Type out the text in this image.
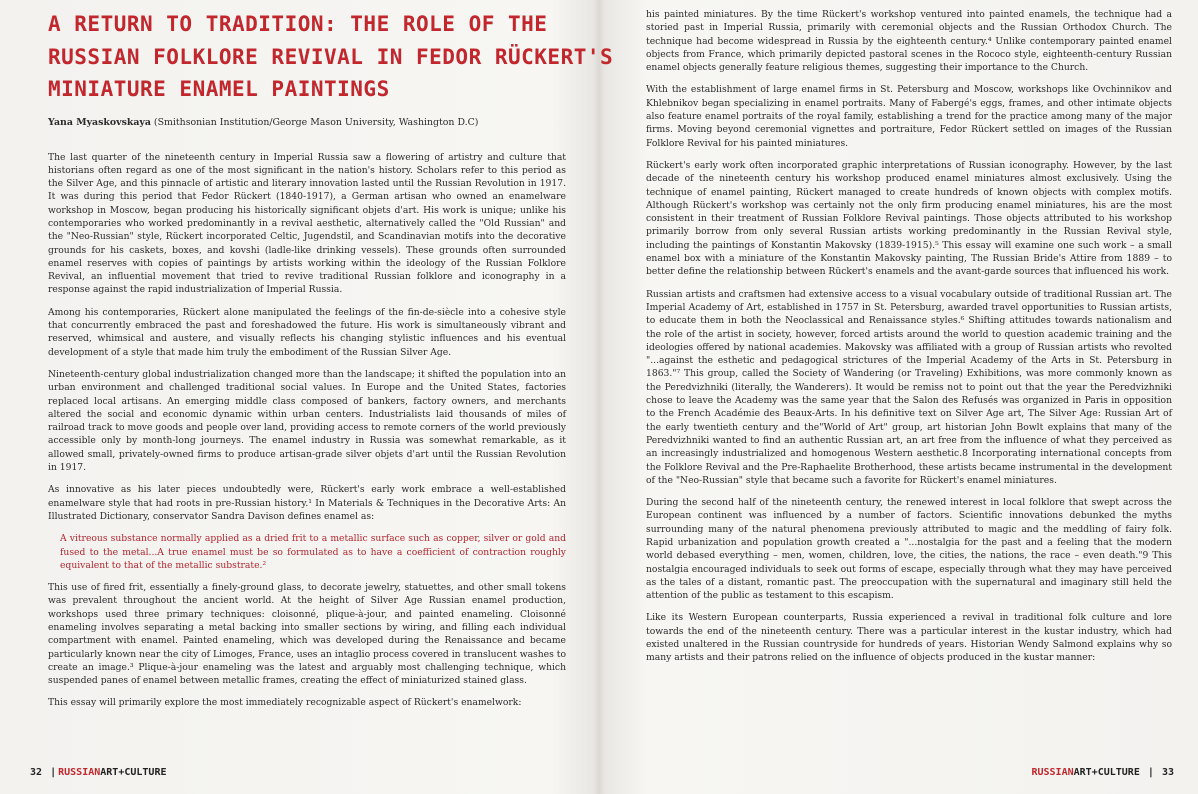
A RETURN TO TRADITION: THE ROLE OF THE
RUSSIAN FOLKLORE REVIVAL IN FEDOR RÜCKERT'S
MINIATURE ENAMEL PAINTINGS
Yana Myaskovskaya (Smithsonian Institution/George Mason University, Washington D.C)

The last quarter of the nineteenth century in Imperial Russia saw a flowering of artistry and culture that historians often regard as one of the most significant in the nation's history. Scholars refer to this period as the Silver Age, and this pinnacle of artistic and literary innovation lasted until the Russian Revolution in 1917. It was during this period that Fedor Rückert (1840-1917), a German artisan who owned an enamelware workshop in Moscow, began producing his historically significant objets d'art. His work is unique; unlike his contemporaries who worked predominantly in a revival aesthetic, alternatively called the "Old Russian" and the "Neo-Russian" style, Rückert incorporated Celtic, Jugendstil, and Scandinavian motifs into the decorative grounds for his caskets, boxes, and kovshi (ladle-like drinking vessels). These grounds often surrounded enamel reserves with copies of paintings by artists working within the ideology of the Russian Folklore Revival, an influential movement that tried to revive traditional Russian folklore and iconography in a response against the rapid industrialization of Imperial Russia.

Among his contemporaries, Rückert alone manipulated the feelings of the fin-de-siècle into a cohesive style that concurrently embraced the past and foreshadowed the future. His work is simultaneously vibrant and reserved, whimsical and austere, and visually reflects his changing stylistic influences and his eventual development of a style that made him truly the embodiment of the Russian Silver Age.

Nineteenth-century global industrialization changed more than the landscape; it shifted the population into an urban environment and challenged traditional social values. In Europe and the United States, factories replaced local artisans. An emerging middle class composed of bankers, factory owners, and merchants altered the social and economic dynamic within urban centers. Industrialists laid thousands of miles of railroad track to move goods and people over land, providing access to remote corners of the world previously accessible only by month-long journeys. The enamel industry in Russia was somewhat remarkable, as it allowed small, privately-owned firms to produce artisan-grade silver objets d'art until the Russian Revolution in 1917.

As innovative as his later pieces undoubtedly were, Rückert's early work embrace a well-established enamelware style that had roots in pre-Russian history.¹ In Materials & Techniques in the Decorative Arts: An Illustrated Dictionary, conservator Sandra Davison defines enamel as:

A vitreous substance normally applied as a dried frit to a metallic surface such as copper, silver or gold and fused to the metal...A true enamel must be so formulated as to have a coefficient of contraction roughly equivalent to that of the metallic substrate.²

This use of fired frit, essentially a finely-ground glass, to decorate jewelry, statuettes, and other small tokens was prevalent throughout the ancient world. At the height of Silver Age Russian enamel production, workshops used three primary techniques: cloisonné, plique-à-jour, and painted enameling. Cloisonné enameling involves separating a metal backing into smaller sections by wiring, and filling each individual compartment with enamel. Painted enameling, which was developed during the Renaissance and became particularly known near the city of Limoges, France, uses an intaglio process covered in translucent washes to create an image.³ Plique-à-jour enameling was the latest and arguably most challenging technique, which suspended panes of enamel between metallic frames, creating the effect of miniaturized stained glass.

This essay will primarily explore the most immediately recognizable aspect of Rückert's enamelwork:

32 | RUSSIANART+CULTURE

his painted miniatures. By the time Rückert's workshop ventured into painted enamels, the technique had a storied past in Imperial Russia, primarily with ceremonial objects and the Russian Orthodox Church. The technique had become widespread in Russia by the eighteenth century.⁴ Unlike contemporary painted enamel objects from France, which primarily depicted pastoral scenes in the Rococo style, eighteenth-century Russian enamel objects generally feature religious themes, suggesting their importance to the Church.

With the establishment of large enamel firms in St. Petersburg and Moscow, workshops like Ovchinnikov and Khlebnikov began specializing in enamel portraits. Many of Fabergé's eggs, frames, and other intimate objects also feature enamel portraits of the royal family, establishing a trend for the practice among many of the major firms. Moving beyond ceremonial vignettes and portraiture, Fedor Rückert settled on images of the Russian Folklore Revival for his painted miniatures.

Rückert's early work often incorporated graphic interpretations of Russian iconography. However, by the last decade of the nineteenth century his workshop produced enamel miniatures almost exclusively. Using the technique of enamel painting, Rückert managed to create hundreds of known objects with complex motifs. Although Rückert's workshop was certainly not the only firm producing enamel miniatures, his are the most consistent in their treatment of Russian Folklore Revival paintings. Those objects attributed to his workshop primarily borrow from only several Russian artists working predominantly in the Russian Revival style, including the paintings of Konstantin Makovsky (1839-1915).⁵ This essay will examine one such work – a small enamel box with a miniature of the Konstantin Makovsky painting, The Russian Bride's Attire from 1889 – to better define the relationship between Rückert's enamels and the avant-garde sources that influenced his work.

Russian artists and craftsmen had extensive access to a visual vocabulary outside of traditional Russian art. The Imperial Academy of Art, established in 1757 in St. Petersburg, awarded travel opportunities to Russian artists, to educate them in both the Neoclassical and Renaissance styles.⁶ Shifting attitudes towards nationalism and the role of the artist in society, however, forced artists around the world to question academic training and the ideologies offered by national academies. Makovsky was affiliated with a group of Russian artists who revolted "...against the esthetic and pedagogical strictures of the Imperial Academy of the Arts in St. Petersburg in 1863."⁷ This group, called the Society of Wandering (or Traveling) Exhibitions, was more commonly known as the Peredvizhniki (literally, the Wanderers). It would be remiss not to point out that the year the Peredvizhniki chose to leave the Academy was the same year that the Salon des Refusés was organized in Paris in opposition to the French Académie des Beaux-Arts. In his definitive text on Silver Age art, The Silver Age: Russian Art of the early twentieth century and the"World of Art" group, art historian John Bowlt explains that many of the Peredvizhniki wanted to find an authentic Russian art, an art free from the influence of what they perceived as an increasingly industrialized and homogenous Western aesthetic.8 Incorporating international concepts from the Folklore Revival and the Pre-Raphaelite Brotherhood, these artists became instrumental in the development of the "Neo-Russian" style that became such a favorite for Rückert's enamel miniatures.

During the second half of the nineteenth century, the renewed interest in local folklore that swept across the European continent was influenced by a number of factors. Scientific innovations debunked the myths surrounding many of the natural phenomena previously attributed to magic and the meddling of fairy folk. Rapid urbanization and population growth created a "...nostalgia for the past and a feeling that the modern world debased everything – men, women, children, love, the cities, the nations, the race – even death."9 This nostalgia encouraged individuals to seek out forms of escape, especially through what they may have perceived as the tales of a distant, romantic past. The preoccupation with the supernatural and imaginary still held the attention of the public as testament to this escapism.

Like its Western European counterparts, Russia experienced a revival in traditional folk culture and lore towards the end of the nineteenth century. There was a particular interest in the kustar industry, which had existed unaltered in the Russian countryside for hundreds of years. Historian Wendy Salmond explains why so many artists and their patrons relied on the influence of objects produced in the kustar manner:

RUSSIANART+CULTURE | 33
